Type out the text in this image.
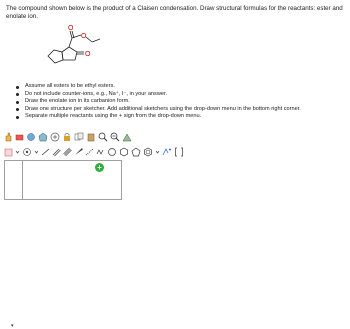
The compound shown below is the product of a Claisen condensation. Draw structural formulas for the reactants: ester and enolate ion.
O
O
O
Assume all esters to be ethyl esters.
Do not include counter-ions, e.g., Na⁺, I⁻, in your answer.
Draw the enolate ion in its carbanion form.
Draw one structure per sketcher. Add additional sketchers using the drop-down menu in the bottom right corner.
Separate multiple reactants using the + sign from the drop-down menu.
▾
+
